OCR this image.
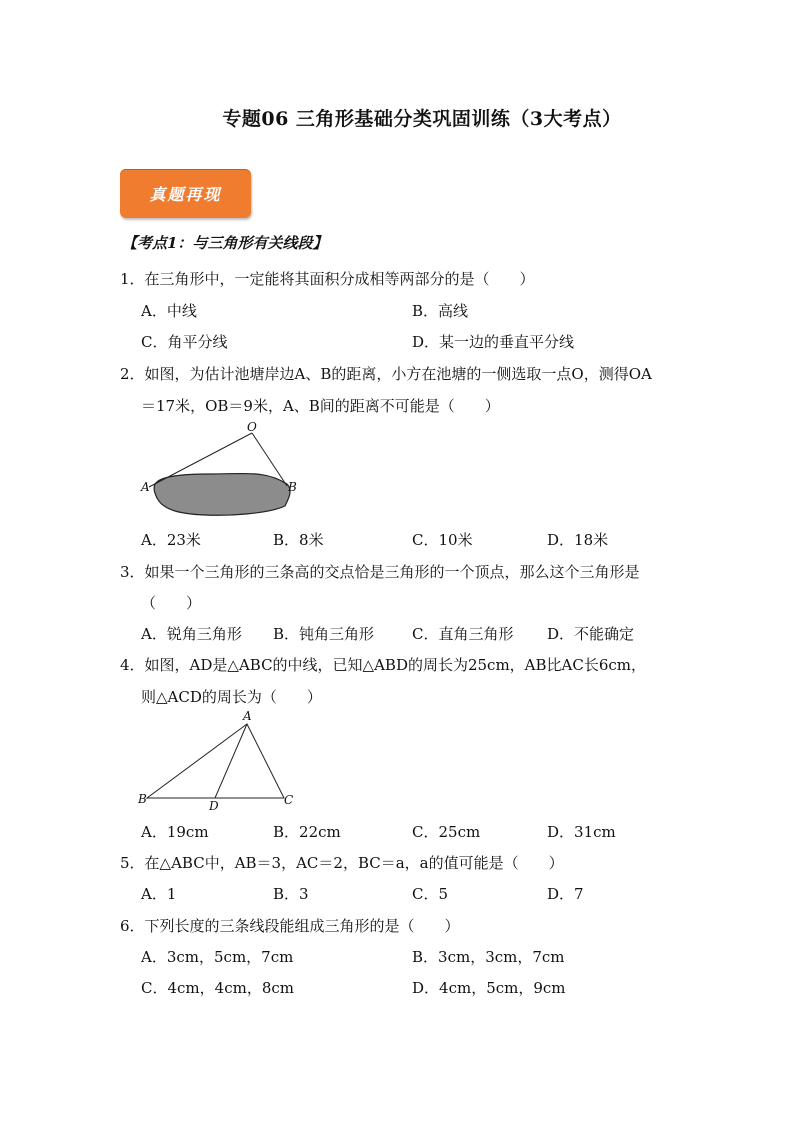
专题06 三角形基础分类巩固训练（3大考点）
真题再现
【考点1：与三角形有关线段】
1．在三角形中，一定能将其面积分成相等两部分的是（　　）
A．中线	B．高线
C．角平分线	D．某一边的垂直平分线
2．如图，为估计池塘岸边A、B的距离，小方在池塘的一侧选取一点O，测得OA
＝17米，OB＝9米，A、B间的距离不可能是（　　）
O
A	B
A．23米	B．8米	C．10米	D．18米
3．如果一个三角形的三条高的交点恰是三角形的一个顶点，那么这个三角形是
（　　）
A．锐角三角形 B．钝角三角形	C．直角三角形 D．不能确定
4．如图，AD是△ABC的中线，已知△ABD的周长为25cm，AB比AC长6cm，
则△ACD的周长为（　　）
A
B	C
D
A．19cm	B．22cm	C．25cm	D．31cm
5．在△ABC中，AB＝3，AC＝2，BC＝a，a的值可能是（　　）
A．1	B．3	C．5	D．7
6．下列长度的三条线段能组成三角形的是（　　）
A．3cm，5cm，7cm	B．3cm，3cm，7cm
C．4cm，4cm，8cm	D．4cm，5cm，9cm
